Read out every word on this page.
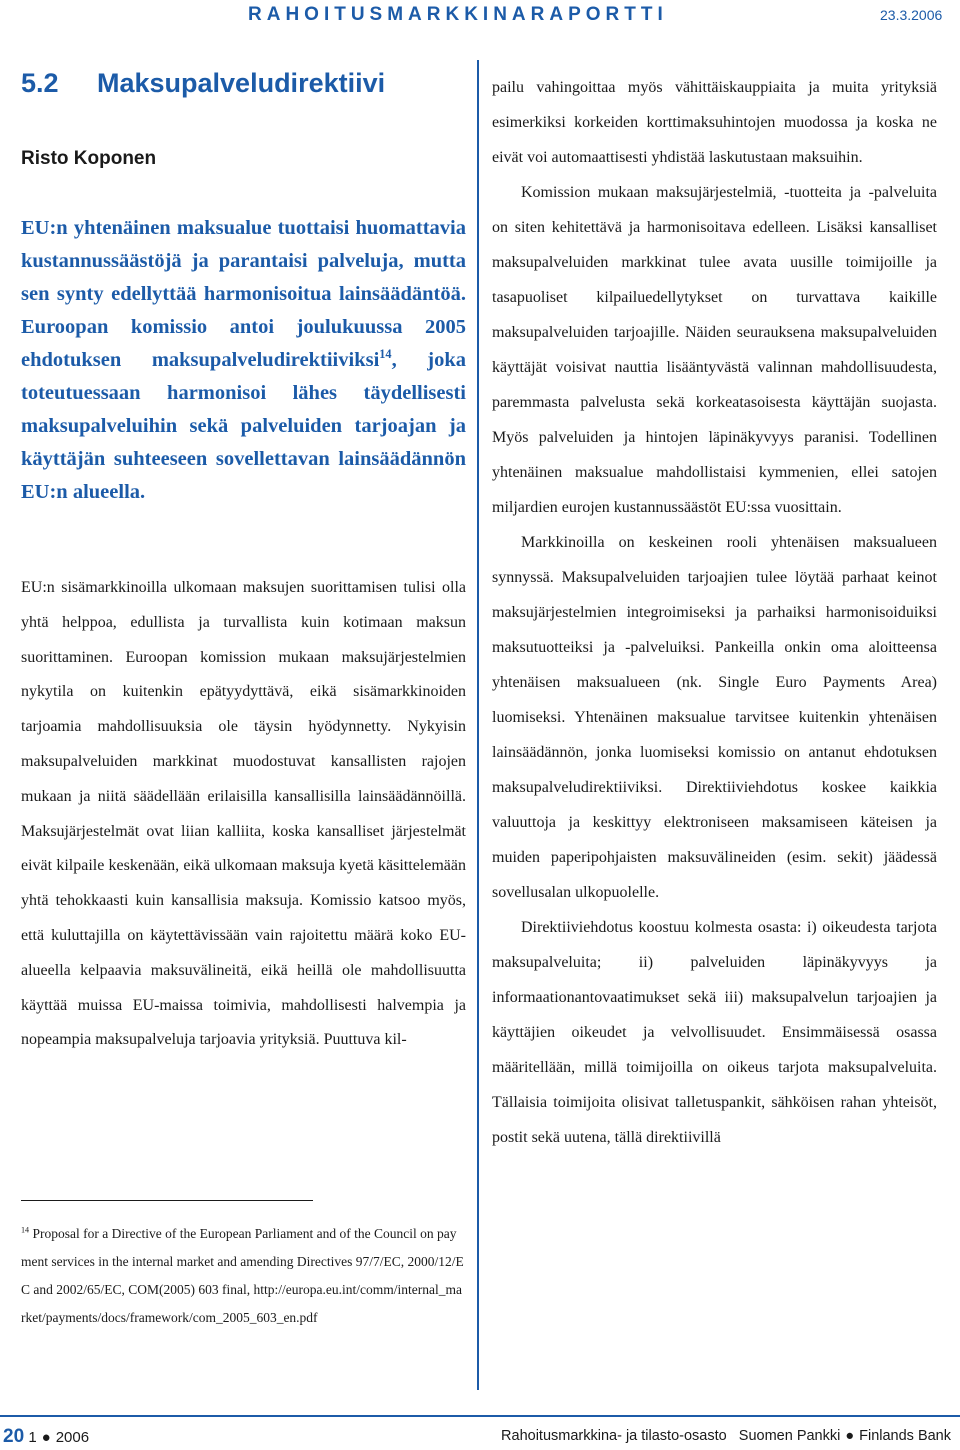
RAHOITUSMARKKINARAPORTTI	23.3.2006
5.2 Maksupalveludirektiivi

Risto Koponen

EU:n yhtenäinen maksualue tuottaisi huomattavia kustannussäästöjä ja parantaisi palveluja, mutta sen synty edellyttää harmonisoitua lainsäädäntöä. Euroopan komissio antoi joulukuussa 2005 ehdotuksen maksupalveludirektiiviksi$^{14}$, joka toteutuessaan harmonisoi lähes täydellisesti maksupalveluihin sekä palveluiden tarjoajan ja käyttäjän suhteeseen sovellettavan lainsäädännön EU:n alueella.

EU:n sisämarkkinoilla ulkomaan maksujen suorittamisen tulisi olla yhtä helppoa, edullista ja turvallista kuin kotimaan maksun suorittaminen. Euroopan komission mukaan maksujärjestelmien nykytila on kuitenkin epätyydyttävä, eikä sisämarkkinoiden tarjoamia mahdollisuuksia ole täysin hyödynnetty. Nykyisin maksupalveluiden markkinat muodostuvat kansallisten rajojen mukaan ja niitä säädellään erilaisilla kansallisilla lainsäädännöillä. Maksujärjestelmät ovat liian kalliita, koska kansalliset järjestelmät eivät kilpaile keskenään, eikä ulkomaan maksuja kyetä käsittelemään yhtä tehokkaasti kuin kansallisia maksuja. Komissio katsoo myös, että kuluttajilla on käytettävissään vain rajoitettu määrä koko EU-alueella kelpaavia maksuvälineitä, eikä heillä ole mahdollisuutta käyttää muissa EU-maissa toimivia, mahdollisesti halvempia ja nopeampia maksupalveluja tarjoavia yrityksiä. Puuttuva kil-

$^{14}$ Proposal for a Directive of the European Parliament and of the Council on payment services in the internal market and amending Directives 97/7/EC, 2000/12/EC and 2002/65/EC, COM(2005) 603 final, http://europa.eu.int/comm/internal_market/payments/docs/framework/com_2005_603_en.pdf

pailu vahingoittaa myös vähittäiskauppiaita ja muita yrityksiä esimerkiksi korkeiden korttimaksuhintojen muodossa ja koska ne eivät voi automaattisesti yhdistää laskutustaan maksuihin.

Komission mukaan maksujärjestelmiä, -tuotteita ja -palveluita on siten kehitettävä ja harmonisoitava edelleen. Lisäksi kansalliset maksupalveluiden markkinat tulee avata uusille toimijoille ja tasapuoliset kilpailuedellytykset on turvattava kaikille maksupalveluiden tarjoajille. Näiden seurauksena maksupalveluiden käyttäjät voisivat nauttia lisääntyvästä valinnan mahdollisuudesta, paremmasta palvelusta sekä korkeatasoisesta käyttäjän suojasta. Myös palveluiden ja hintojen läpinäkyvyys paranisi. Todellinen yhtenäinen maksualue mahdollistaisi kymmenien, ellei satojen miljardien eurojen kustannussäästöt EU:ssa vuosittain.

Markkinoilla on keskeinen rooli yhtenäisen maksualueen synnyssä. Maksupalveluiden tarjoajien tulee löytää parhaat keinot maksujärjestelmien integroimiseksi ja parhaiksi harmonisoiduiksi maksutuotteiksi ja -palveluiksi. Pankeilla onkin oma aloitteensa yhtenäisen maksualueen (nk. Single Euro Payments Area) luomiseksi. Yhtenäinen maksualue tarvitsee kuitenkin yhtenäisen lainsäädännön, jonka luomiseksi komissio on antanut ehdotuksen maksupalveludirektiiviksi. Direktiiviehdotus koskee kaikkia valuuttoja ja keskittyy elektroniseen maksamiseen käteisen ja muiden paperipohjaisten maksuvälineiden (esim. sekit) jäädessä sovellusalan ulkopuolelle.

Direktiiviehdotus koostuu kolmesta osasta: i) oikeudesta tarjota maksupalveluita; ii) palveluiden läpinäkyvyys ja informaationantovaatimukset sekä iii) maksupalvelun tarjoajien ja käyttäjien oikeudet ja velvollisuudet. Ensimmäisessä osassa määritellään, millä toimijoilla on oikeus tarjota maksupalveluita. Tällaisia toimijoita olisivat talletuspankit, sähköisen rahan yhteisöt, postit sekä uutena, tällä direktiivillä

20 1 ● 2006	Rahoitusmarkkina- ja tilasto-osasto Suomen Pankki ● Finlands Bank
